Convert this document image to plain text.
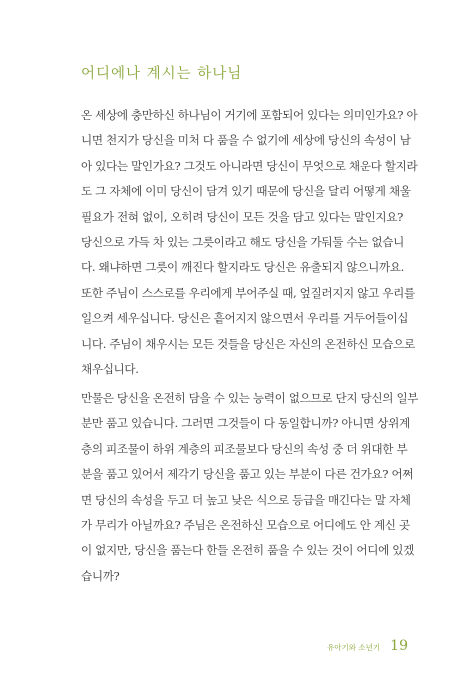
어디에나 계시는 하나님
온 세상에 충만하신 하나님이 거기에 포함되어 있다는 의미인가요? 아
니면 천지가 당신을 미처 다 품을 수 없기에 세상에 당신의 속성이 남
아 있다는 말인가요? 그것도 아니라면 당신이 무엇으로 채운다 할지라
도 그 자체에 이미 당신이 담겨 있기 때문에 당신을 달리 어떻게 채울
필요가 전혀 없이, 오히려 당신이 모든 것을 담고 있다는 말인지요?
당신으로 가득 차 있는 그릇이라고 해도 당신을 가둬둘 수는 없습니
다. 왜냐하면 그릇이 깨진다 할지라도 당신은 유출되지 않으니까요.
또한 주님이 스스로를 우리에게 부어주실 때, 엎질러지지 않고 우리를
일으켜 세우십니다. 당신은 흩어지지 않으면서 우리를 거두어들이십
니다. 주님이 채우시는 모든 것들을 당신은 자신의 온전하신 모습으로
채우십니다.
만물은 당신을 온전히 담을 수 있는 능력이 없으므로 단지 당신의 일부
분만 품고 있습니다. 그러면 그것들이 다 동일합니까? 아니면 상위계
층의 피조물이 하위 계층의 피조물보다 당신의 속성 중 더 위대한 부
분을 품고 있어서 제각기 당신을 품고 있는 부분이 다른 건가요? 어쩌
면 당신의 속성을 두고 더 높고 낮은 식으로 등급을 매긴다는 말 자체
가 무리가 아닐까요? 주님은 온전하신 모습으로 어디에도 안 계신 곳
이 없지만, 당신을 품는다 한들 온전히 품을 수 있는 것이 어디에 있겠
습니까?
유아기와 소년기 19
